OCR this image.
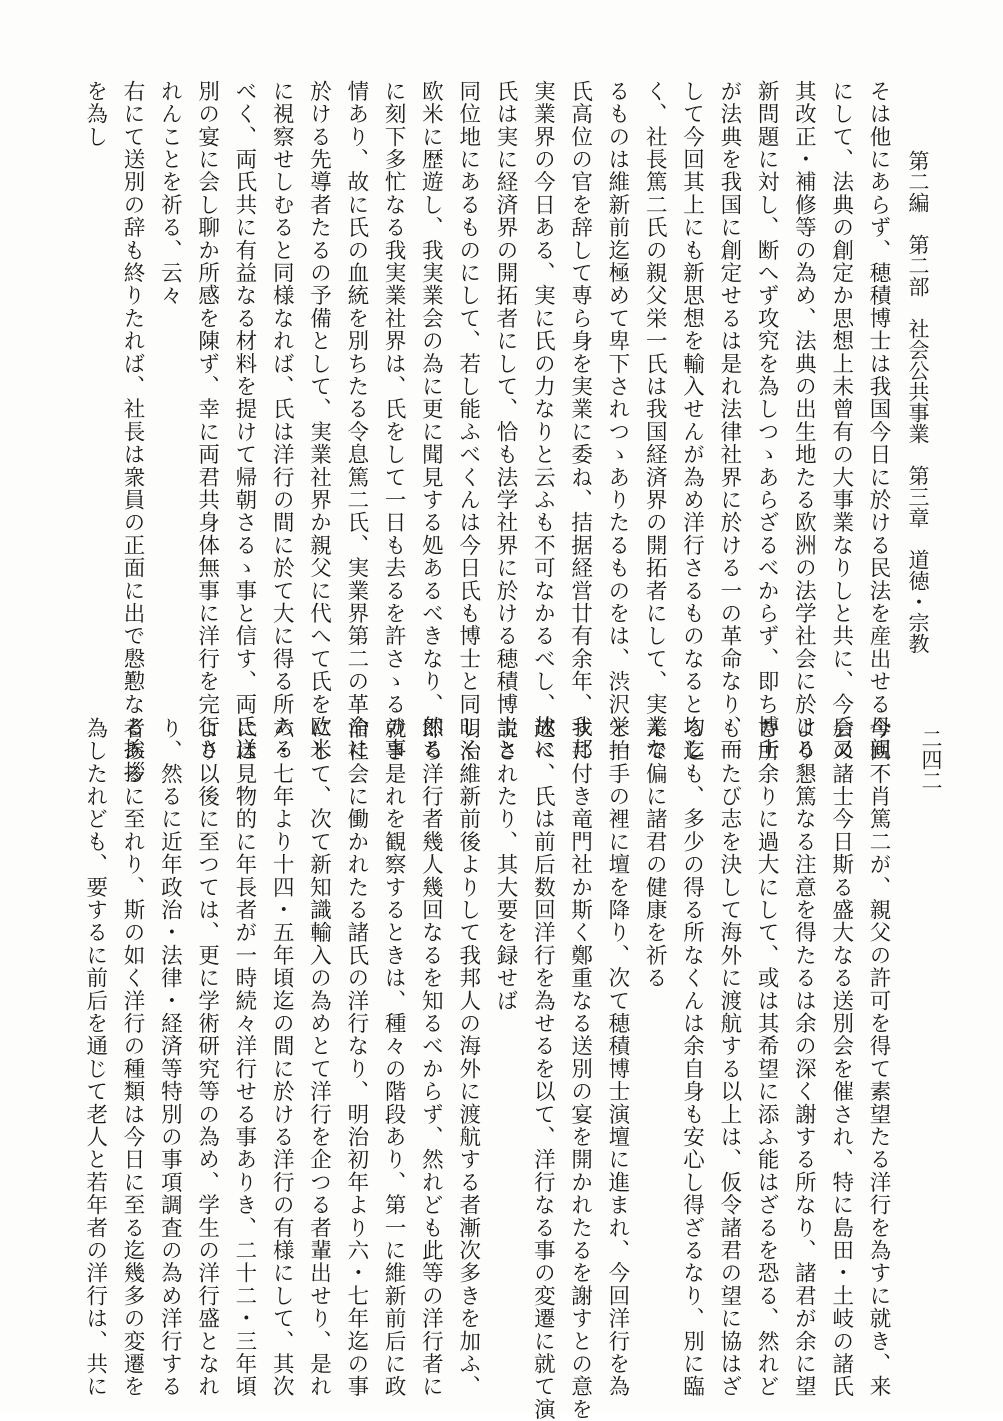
第二編　第二部　社会公共事業　第三章　道徳・宗教
二四二
そは他にあらず、穂積博士は我国今日に於ける民法を産出せる母親
にして、法典の創定か思想上未曾有の大事業なりしと共に、今后又
其改正・補修等の為め、法典の出生地たる欧洲の法学社会に於ける
新問題に対し、断へず攻究を為しつゝあらざるべからず、即ち博士
が法典を我国に創定せるは是れ法律社界に於ける一の革命なり、而
して今回其上にも新思想を輸入せんが為め洋行さるものなると均し
く、社長篤二氏の親父栄一氏は我国経済界の開拓者にして、実業な
るものは維新前迄極めて卑下されつゝありたるものをは、渋沢栄一
氏高位の官を辞して専ら身を実業に委ね、拮据経営廿有余年、我邦
実業界の今日ある、実に氏の力なりと云ふも不可なかるべし、故に
氏は実に経済界の開拓者にして、恰も法学社界に於ける穂積博士と
同位地にあるものにして、若し能ふべくんは今日氏も博士と同しく
欧米に歴遊し、我実業会の為に更に聞見する処あるべきなり、然る
に刻下多忙なる我実業社界は、氏をして一日も去るを許さゝるの事
情あり、故に氏の血統を別ちたる令息篤二氏、実業界第二の革命に
於ける先導者たるの予備として、実業社界か親父に代へて氏を欧米
に視察せしむると同様なれば、氏は洋行の間に於て大に得る所ある
べく、両氏共に有益なる材料を提けて帰朝さるゝ事と信す、両氏送
別の宴に会し聊か所感を陳ず、幸に両君共身体無事に洋行を完行さ
れんことを祈る、云々
右にて送別の辞も終りたれば、社長は衆員の正面に出で慇懃なる挨拶
を為し
今回不肖篤二が、親父の許可を得て素望たる洋行を為すに就き、来
会の諸士今日斯る盛大なる送別会を催され、特に島田・土岐の諸氏
より懇篤なる注意を得たるは余の深く謝する所なり、諸君が余に望
む所余りに過大にして、或は其希望に添ふ能はざるを恐る、然れど
も一たび志を決して海外に渡航する以上は、仮令諸君の望に協はざ
る迄も、多少の得る所なくんは余自身も安心し得ざるなり、別に臨
んで偏に諸君の健康を祈る
と拍手の裡に壇を降り、次て穂積博士演壇に進まれ、今回洋行を為
すに付き竜門社か斯く鄭重なる送別の宴を開かれたるを謝すとの意を
述べ、氏は前后数回洋行を為せるを以て、洋行なる事の変遷に就て演
説されたり、其大要を録せば
明治維新前後よりして我邦人の海外に渡航する者漸次多きを加ふ、
即ち洋行者幾人幾回なるを知るべからず、然れども此等の洋行者に
就き是れを観察するときは、種々の階段あり、第一に維新前后に政
治社会に働かれたる諸氏の洋行なり、明治初年より六・七年迄の事
にして、次て新知識輸入の為めとて洋行を企つる者輩出せり、是れ
六・七年より十四・五年頃迄の間に於ける洋行の有様にして、其次
には見物的に年長者が一時続々洋行せる事ありき、二十二・三年頃
より以後に至つては、更に学術研究等の為め、学生の洋行盛となれ
り、然るに近年政治・法律・経済等特別の事項調査の為め洋行する
者あるに至れり、斯の如く洋行の種類は今日に至る迄幾多の変遷を
為したれども、要するに前后を通じて老人と若年者の洋行は、共に
